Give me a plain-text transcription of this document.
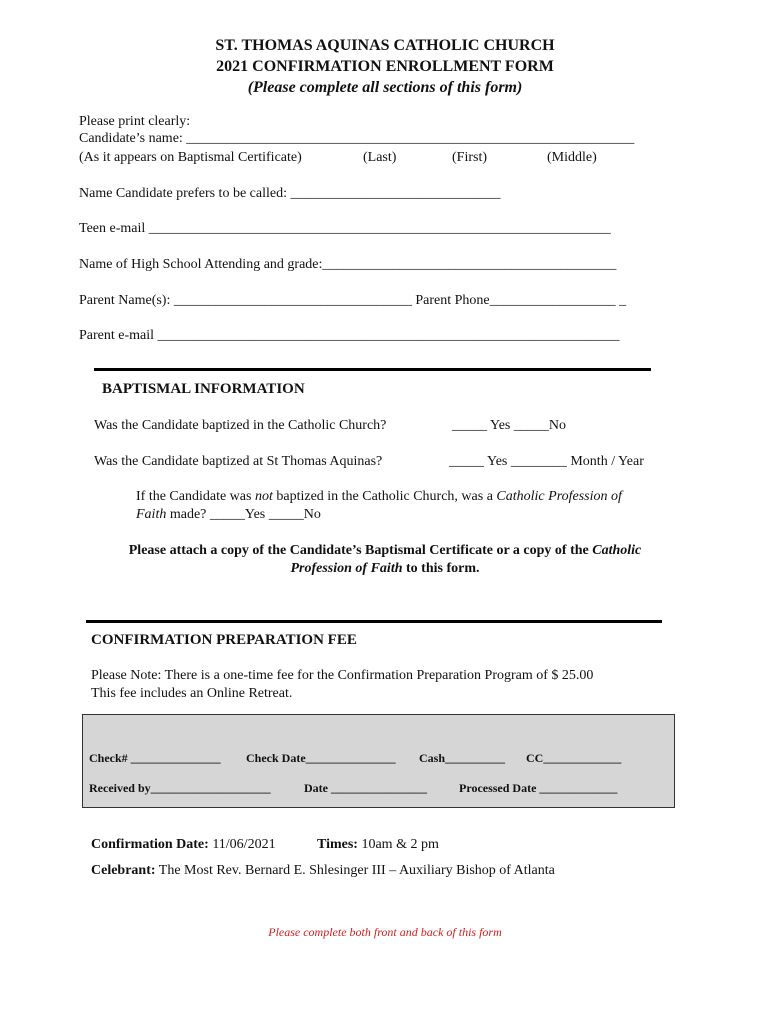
ST. THOMAS AQUINAS CATHOLIC CHURCH
2021 CONFIRMATION ENROLLMENT FORM
(Please complete all sections of this form)
Please print clearly:
Candidate’s name: ________________________________________________________________
(As it appears on Baptismal Certificate)	(Last)	(First)	(Middle)
Name Candidate prefers to be called: ______________________________
Teen e-mail __________________________________________________________________
Name of High School Attending and grade:__________________________________________
Parent Name(s): __________________________________ Parent Phone__________________ _
Parent e-mail __________________________________________________________________
BAPTISMAL INFORMATION
Was the Candidate baptized in the Catholic Church?	_____ Yes _____No
Was the Candidate baptized at St Thomas Aquinas?	_____ Yes ________ Month / Year
If the Candidate was not baptized in the Catholic Church, was a Catholic Profession of
Faith made? _____Yes _____No
Please attach a copy of the Candidate’s Baptismal Certificate or a copy of the Catholic
Profession of Faith to this form.
CONFIRMATION PREPARATION FEE
Please Note: There is a one-time fee for the Confirmation Preparation Program of $ 25.00
This fee includes an Online Retreat.
Check# _______________ Check Date_______________ Cash__________ CC_____________
Received by____________________	Date ________________	Processed Date _____________
Confirmation Date: 11/06/2021	Times: 10am & 2 pm
Celebrant: The Most Rev. Bernard E. Shlesinger III – Auxiliary Bishop of Atlanta
Please complete both front and back of this form
